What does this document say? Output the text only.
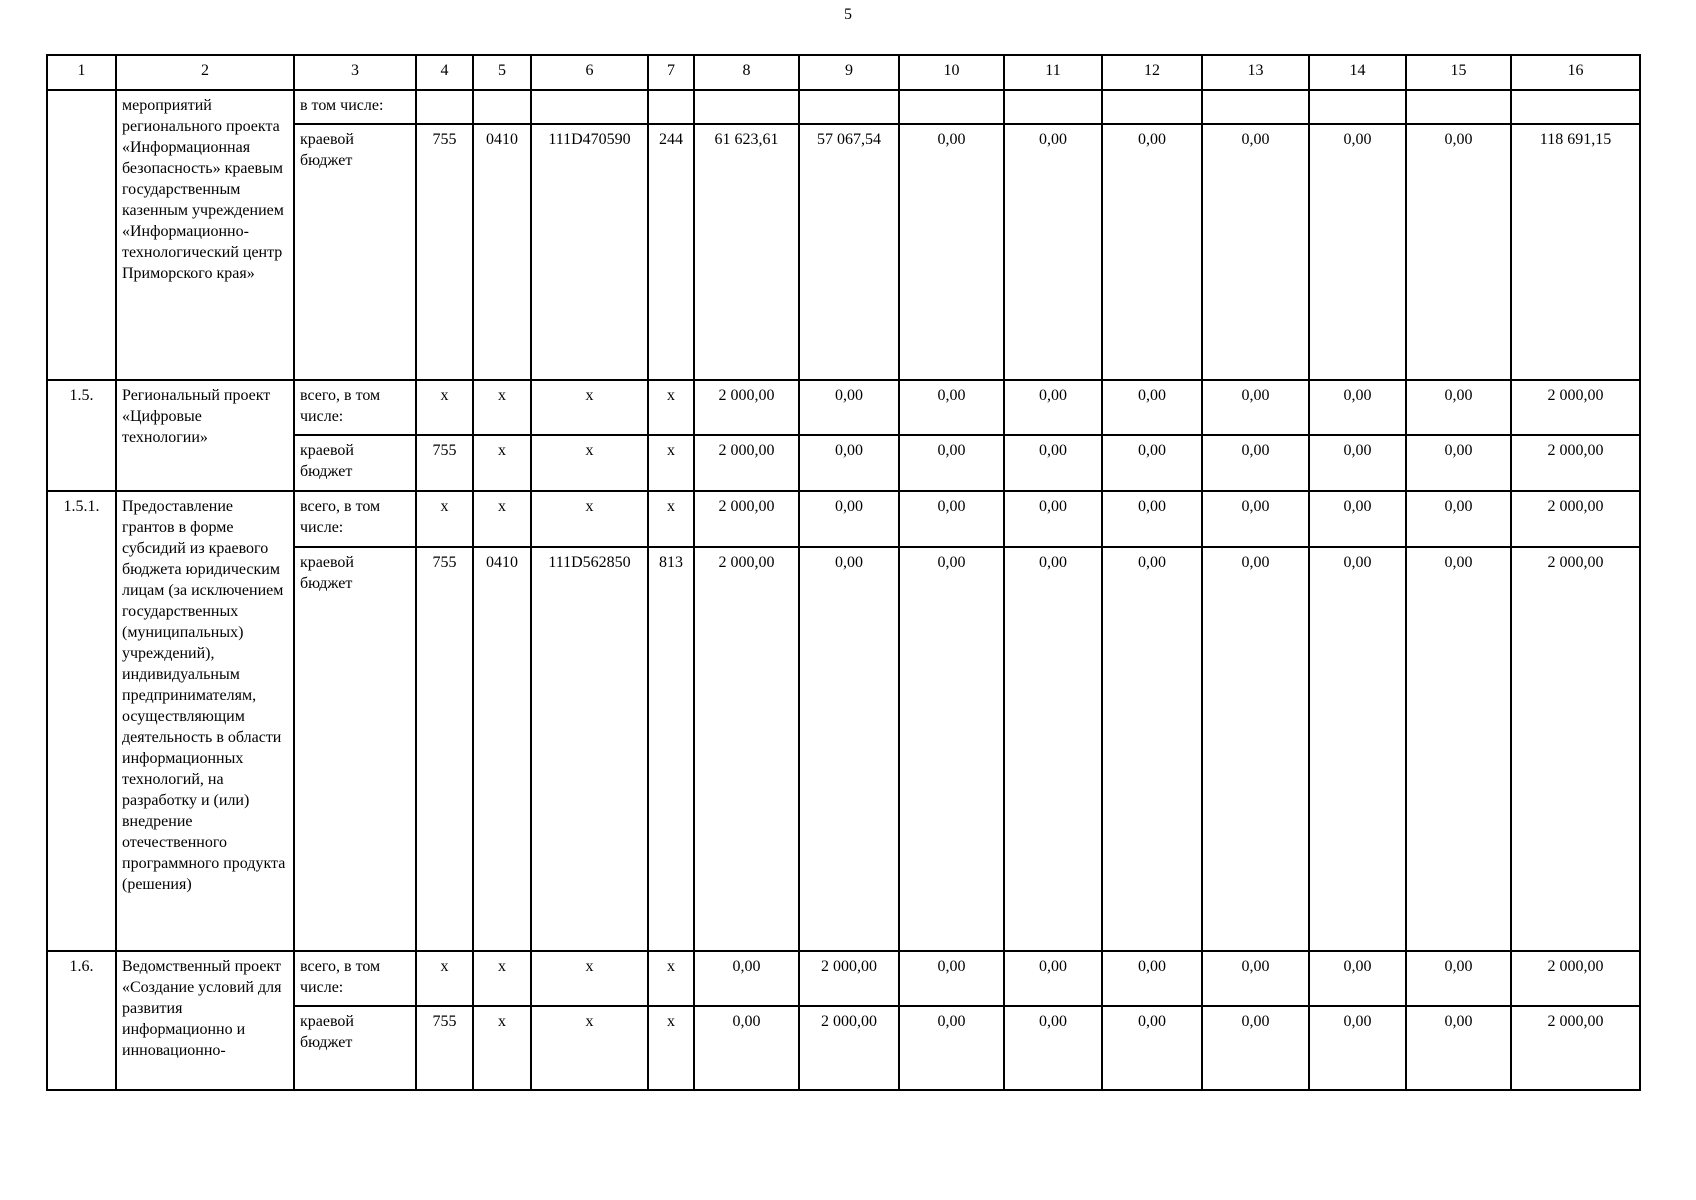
5
1	2	3	4	5	6	7	8	9	10	11	12	13	14	15	16
	мероприятий регионального проекта «Информационная безопасность» краевым государственным казенным учреждением «Информационно-технологический центр Приморского края»	в том числе:													
		краевой бюджет	755	0410	111D470590	244	61 623,61	57 067,54	0,00	0,00	0,00	0,00	0,00	0,00	118 691,15
1.5.	Региональный проект «Цифровые технологии»	всего, в том числе:	x	x	x	x	2 000,00	0,00	0,00	0,00	0,00	0,00	0,00	0,00	2 000,00
		краевой бюджет	755	x	x	x	2 000,00	0,00	0,00	0,00	0,00	0,00	0,00	0,00	2 000,00
1.5.1.	Предоставление грантов в форме субсидий из краевого бюджета юридическим лицам (за исключением государственных (муниципальных) учреждений), индивидуальным предпринимателям, осуществляющим деятельность в области информационных технологий, на разработку и (или) внедрение отечественного программного продукта (решения)	всего, в том числе:	x	x	x	x	2 000,00	0,00	0,00	0,00	0,00	0,00	0,00	0,00	2 000,00
		краевой бюджет	755	0410	111D562850	813	2 000,00	0,00	0,00	0,00	0,00	0,00	0,00	0,00	2 000,00
1.6.	Ведомственный проект «Создание условий для развития информационно и инновационно-	всего, в том числе:	x	x	x	x	0,00	2 000,00	0,00	0,00	0,00	0,00	0,00	0,00	2 000,00
		краевой бюджет	755	x	x	x	0,00	2 000,00	0,00	0,00	0,00	0,00	0,00	0,00	2 000,00
